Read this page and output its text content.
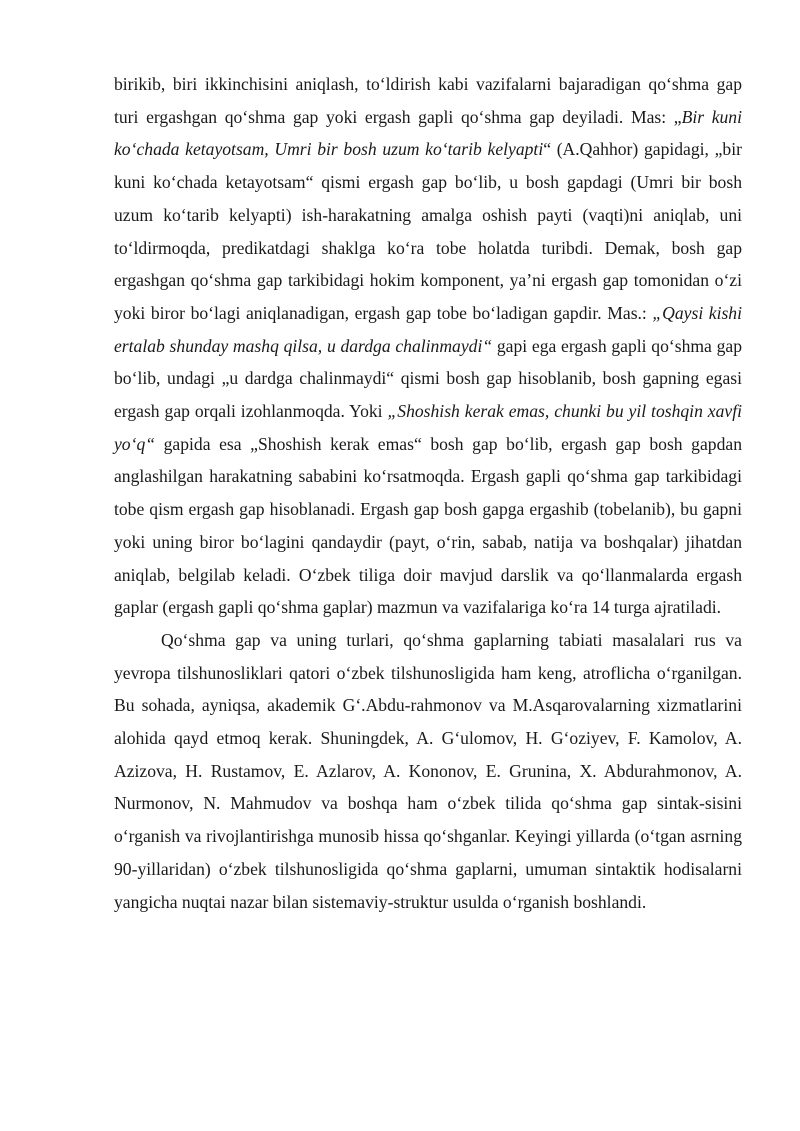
birikib, biri ikkinchisini aniqlash, to‘ldirish kabi vazifalarni bajaradigan qo‘shma gap turi ergashgan qo‘shma gap yoki ergash gapli qo‘shma gap deyiladi. Mas: „Bir kuni ko‘chada ketayotsam, Umri bir bosh uzum ko‘tarib kelyapti“ (A.Qahhor) gapidagi, „bir kuni ko‘chada ketayotsam“ qismi ergash gap bo‘lib, u bosh gapdagi (Umri bir bosh uzum ko‘tarib kelyapti) ish-harakatning amalga oshish payti (vaqti)ni aniqlab, uni to‘ldirmoqda, predikatdagi shaklga ko‘ra tobe holatda turibdi. Demak, bosh gap ergashgan qo‘shma gap tarkibidagi hokim komponent, ya’ni ergash gap tomonidan o‘zi yoki biror bo‘lagi aniqlanadigan, ergash gap tobe bo‘ladigan gapdir. Mas.: „Qaysi kishi ertalab shunday mashq qilsa, u dardga chalinmaydi“ gapi ega ergash gapli qo‘shma gap bo‘lib, undagi „u dardga chalinmaydi“ qismi bosh gap hisoblanib, bosh gapning egasi ergash gap orqali izohlanmoqda. Yoki „Shoshish kerak emas, chunki bu yil toshqin xavfi yo‘q“ gapida esa „Shoshish kerak emas“ bosh gap bo‘lib, ergash gap bosh gapdan anglashilgan harakatning sababini ko‘rsatmoqda. Ergash gapli qo‘shma gap tarkibidagi tobe qism ergash gap hisoblanadi. Ergash gap bosh gapga ergashib (tobelanib), bu gapni yoki uning biror bo‘lagini qandaydir (payt, o‘rin, sabab, natija va boshqalar) jihatdan aniqlab, belgilab keladi. O‘zbek tiliga doir mavjud darslik va qo‘llanmalarda ergash gaplar (ergash gapli qo‘shma gaplar) mazmun va vazifalariga ko‘ra 14 turga ajratiladi.

Qo‘shma gap va uning turlari, qo‘shma gaplarning tabiati masalalari rus va yevropa tilshunosliklari qatori o‘zbek tilshunosligida ham keng, atroflicha o‘rganilgan. Bu sohada, ayniqsa, akademik G‘.Abdu-rahmonov va M.Asqarovalarning xizmatlarini alohida qayd etmoq kerak. Shuningdek, A. G‘ulomov, H. G‘oziyev, F. Kamolov, A. Azizova, H. Rustamov, E. Azlarov, A. Kononov, E. Grunina, X. Abdurahmonov, A. Nurmonov, N. Mahmudov va boshqa ham o‘zbek tilida qo‘shma gap sintak-sisini o‘rganish va rivojlantirishga munosib hissa qo‘shganlar. Keyingi yillarda (o‘tgan asrning 90-yillaridan) o‘zbek tilshunosligida qo‘shma gaplarni, umuman sintaktik hodisalarni yangicha nuqtai nazar bilan sistemaviy-struktur usulda o‘rganish boshlandi.
